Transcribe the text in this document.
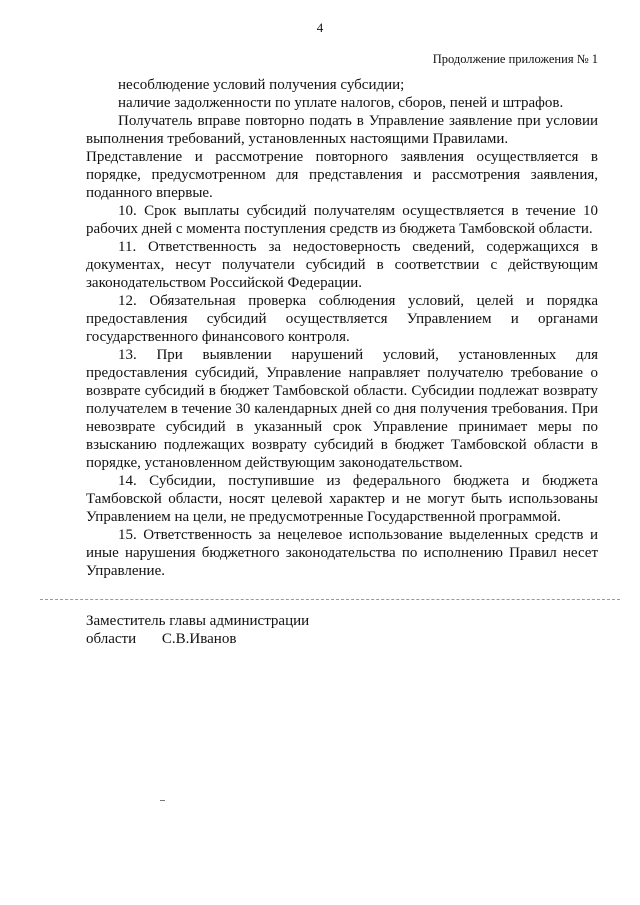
4
Продолжение приложения № 1

несоблюдение условий получения субсидии;

наличие задолженности по уплате налогов, сборов, пеней и штрафов.

Получатель вправе повторно подать в Управление заявление при условии выполнения требований, установленных настоящими Правилами.

Представление и рассмотрение повторного заявления осуществляется в порядке, предусмотренном для представления и рассмотрения заявления, поданного впервые.

10. Срок выплаты субсидий получателям осуществляется в течение 10 рабочих дней с момента поступления средств из бюджета Тамбовской области.

11. Ответственность за недостоверность сведений, содержащихся в документах, несут получатели субсидий в соответствии с действующим законодательством Российской Федерации.

12. Обязательная проверка соблюдения условий, целей и порядка предоставления субсидий осуществляется Управлением и органами государственного финансового контроля.

13. При выявлении нарушений условий, установленных для предоставления субсидий, Управление направляет получателю требование о возврате субсидий в бюджет Тамбовской области. Субсидии подлежат возврату получателем в течение 30 календарных дней со дня получения требования. При невозврате субсидий в указанный срок Управление принимает меры по взысканию подлежащих возврату субсидий в бюджет Тамбовской области в порядке, установленном действующим законодательством.

14. Субсидии, поступившие из федерального бюджета и бюджета Тамбовской области, носят целевой характер и не могут быть использованы Управлением на цели, не предусмотренные Государственной программой.

15. Ответственность за нецелевое использование выделенных средств и иные нарушения бюджетного законодательства по исполнению Правил несет Управление.

Заместитель главы администрации
области С.В.Иванов
